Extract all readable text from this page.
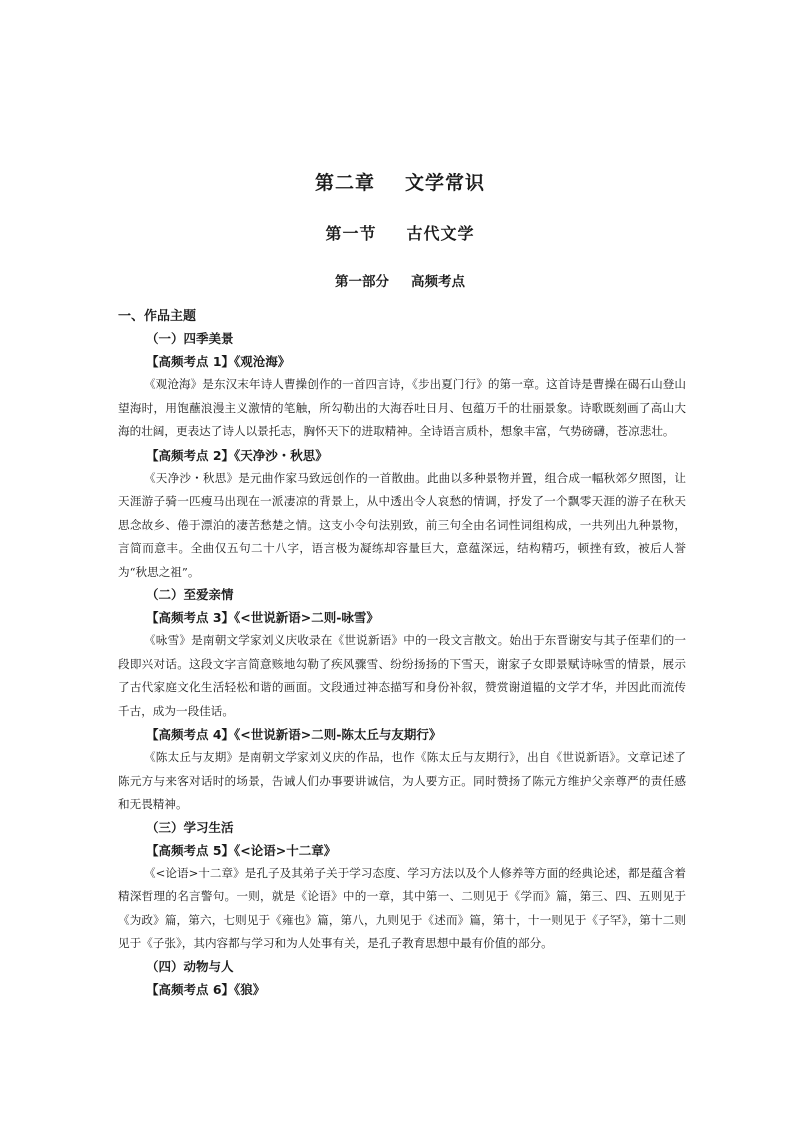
第二章 文学常识
第一节 古代文学
第一部分 高频考点
一、作品主题
（一）四季美景
【高频考点 1】《观沧海》

《观沧海》是东汉末年诗人曹操创作的一首四言诗，《步出夏门行》的第一章。这首诗是曹操在碣石山登山望海时，用饱蘸浪漫主义激情的笔触，所勾勒出的大海吞吐日月、包蕴万千的壮丽景象。诗歌既刻画了高山大海的壮阔，更表达了诗人以景托志，胸怀天下的进取精神。全诗语言质朴，想象丰富，气势磅礴，苍凉悲壮。

【高频考点 2】《天净沙・秋思》

《天净沙・秋思》是元曲作家马致远创作的一首散曲。此曲以多种景物并置，组合成一幅秋郊夕照图，让天涯游子骑一匹瘦马出现在一派凄凉的背景上，从中透出令人哀愁的情调，抒发了一个飘零天涯的游子在秋天思念故乡、倦于漂泊的凄苦愁楚之情。这支小令句法别致，前三句全由名词性词组构成，一共列出九种景物，言简而意丰。全曲仅五句二十八字，语言极为凝练却容量巨大，意蕴深远，结构精巧，顿挫有致，被后人誉为“秋思之祖”。

（二）至爱亲情
【高频考点 3】《<世说新语>二则-咏雪》

《咏雪》是南朝文学家刘义庆收录在《世说新语》中的一段文言散文。始出于东晋谢安与其子侄辈们的一段即兴对话。这段文字言简意赅地勾勒了疾风骤雪、纷纷扬扬的下雪天，谢家子女即景赋诗咏雪的情景，展示了古代家庭文化生活轻松和谐的画面。文段通过神态描写和身份补叙，赞赏谢道韫的文学才华，并因此而流传千古，成为一段佳话。

【高频考点 4】《<世说新语>二则-陈太丘与友期行》

《陈太丘与友期》是南朝文学家刘义庆的作品，也作《陈太丘与友期行》，出自《世说新语》。文章记述了陈元方与来客对话时的场景，告诫人们办事要讲诚信，为人要方正。同时赞扬了陈元方维护父亲尊严的责任感和无畏精神。

（三）学习生活
【高频考点 5】《<论语>十二章》

《<论语>十二章》是孔子及其弟子关于学习态度、学习方法以及个人修养等方面的经典论述，都是蕴含着精深哲理的名言警句。一则，就是《论语》中的一章，其中第一、二则见于《学而》篇，第三、四、五则见于《为政》篇，第六，七则见于《雍也》篇，第八，九则见于《述而》篇，第十，十一则见于《子罕》，第十二则见于《子张》，其内容都与学习和为人处事有关，是孔子教育思想中最有价值的部分。

（四）动物与人
【高频考点 6】《狼》
